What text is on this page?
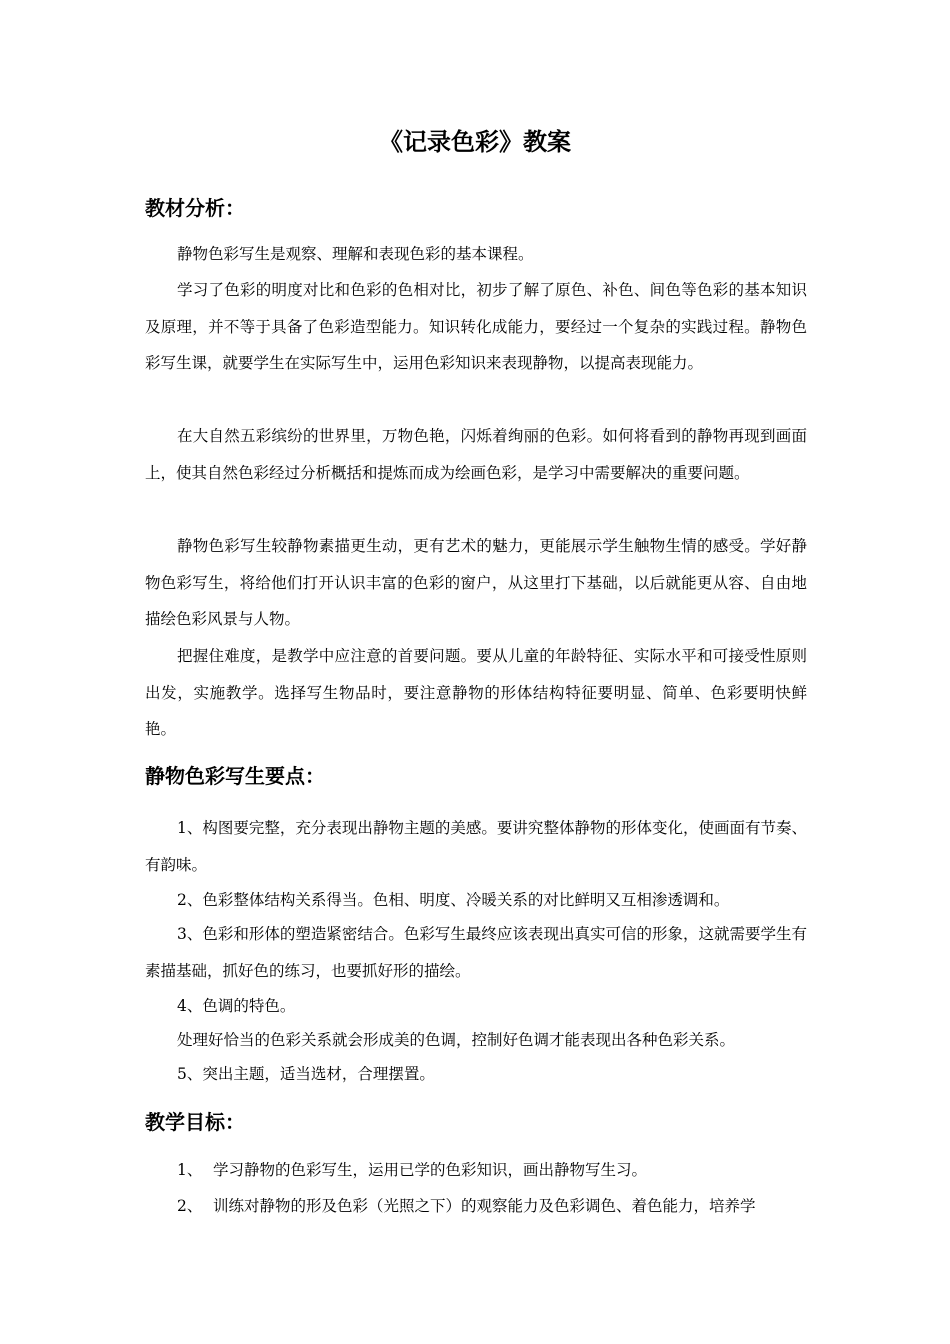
《记录色彩》教案
教材分析：

静物色彩写生是观察、理解和表现色彩的基本课程。

学习了色彩的明度对比和色彩的色相对比，初步了解了原色、补色、间色等色彩的基本知识及原理，并不等于具备了色彩造型能力。知识转化成能力，要经过一个复杂的实践过程。静物色彩写生课，就要学生在实际写生中，运用色彩知识来表现静物，以提高表现能力。

在大自然五彩缤纷的世界里，万物色艳，闪烁着绚丽的色彩。如何将看到的静物再现到画面上，使其自然色彩经过分析概括和提炼而成为绘画色彩，是学习中需要解决的重要问题。

静物色彩写生较静物素描更生动，更有艺术的魅力，更能展示学生触物生情的感受。学好静物色彩写生，将给他们打开认识丰富的色彩的窗户，从这里打下基础，以后就能更从容、自由地描绘色彩风景与人物。

把握住难度，是教学中应注意的首要问题。要从儿童的年龄特征、实际水平和可接受性原则出发，实施教学。选择写生物品时，要注意静物的形体结构特征要明显、简单、色彩要明快鲜艳。

静物色彩写生要点：

1、构图要完整，充分表现出静物主题的美感。要讲究整体静物的形体变化，使画面有节奏、有韵味。

2、色彩整体结构关系得当。色相、明度、冷暖关系的对比鲜明又互相渗透调和。

3、色彩和形体的塑造紧密结合。色彩写生最终应该表现出真实可信的形象，这就需要学生有素描基础，抓好色的练习，也要抓好形的描绘。

4、色调的特色。

处理好恰当的色彩关系就会形成美的色调，控制好色调才能表现出各种色彩关系。

5、突出主题，适当选材，合理摆置。

教学目标：

1、 学习静物的色彩写生，运用已学的色彩知识，画出静物写生习。

2、 训练对静物的形及色彩（光照之下）的观察能力及色彩调色、着色能力，培养学
